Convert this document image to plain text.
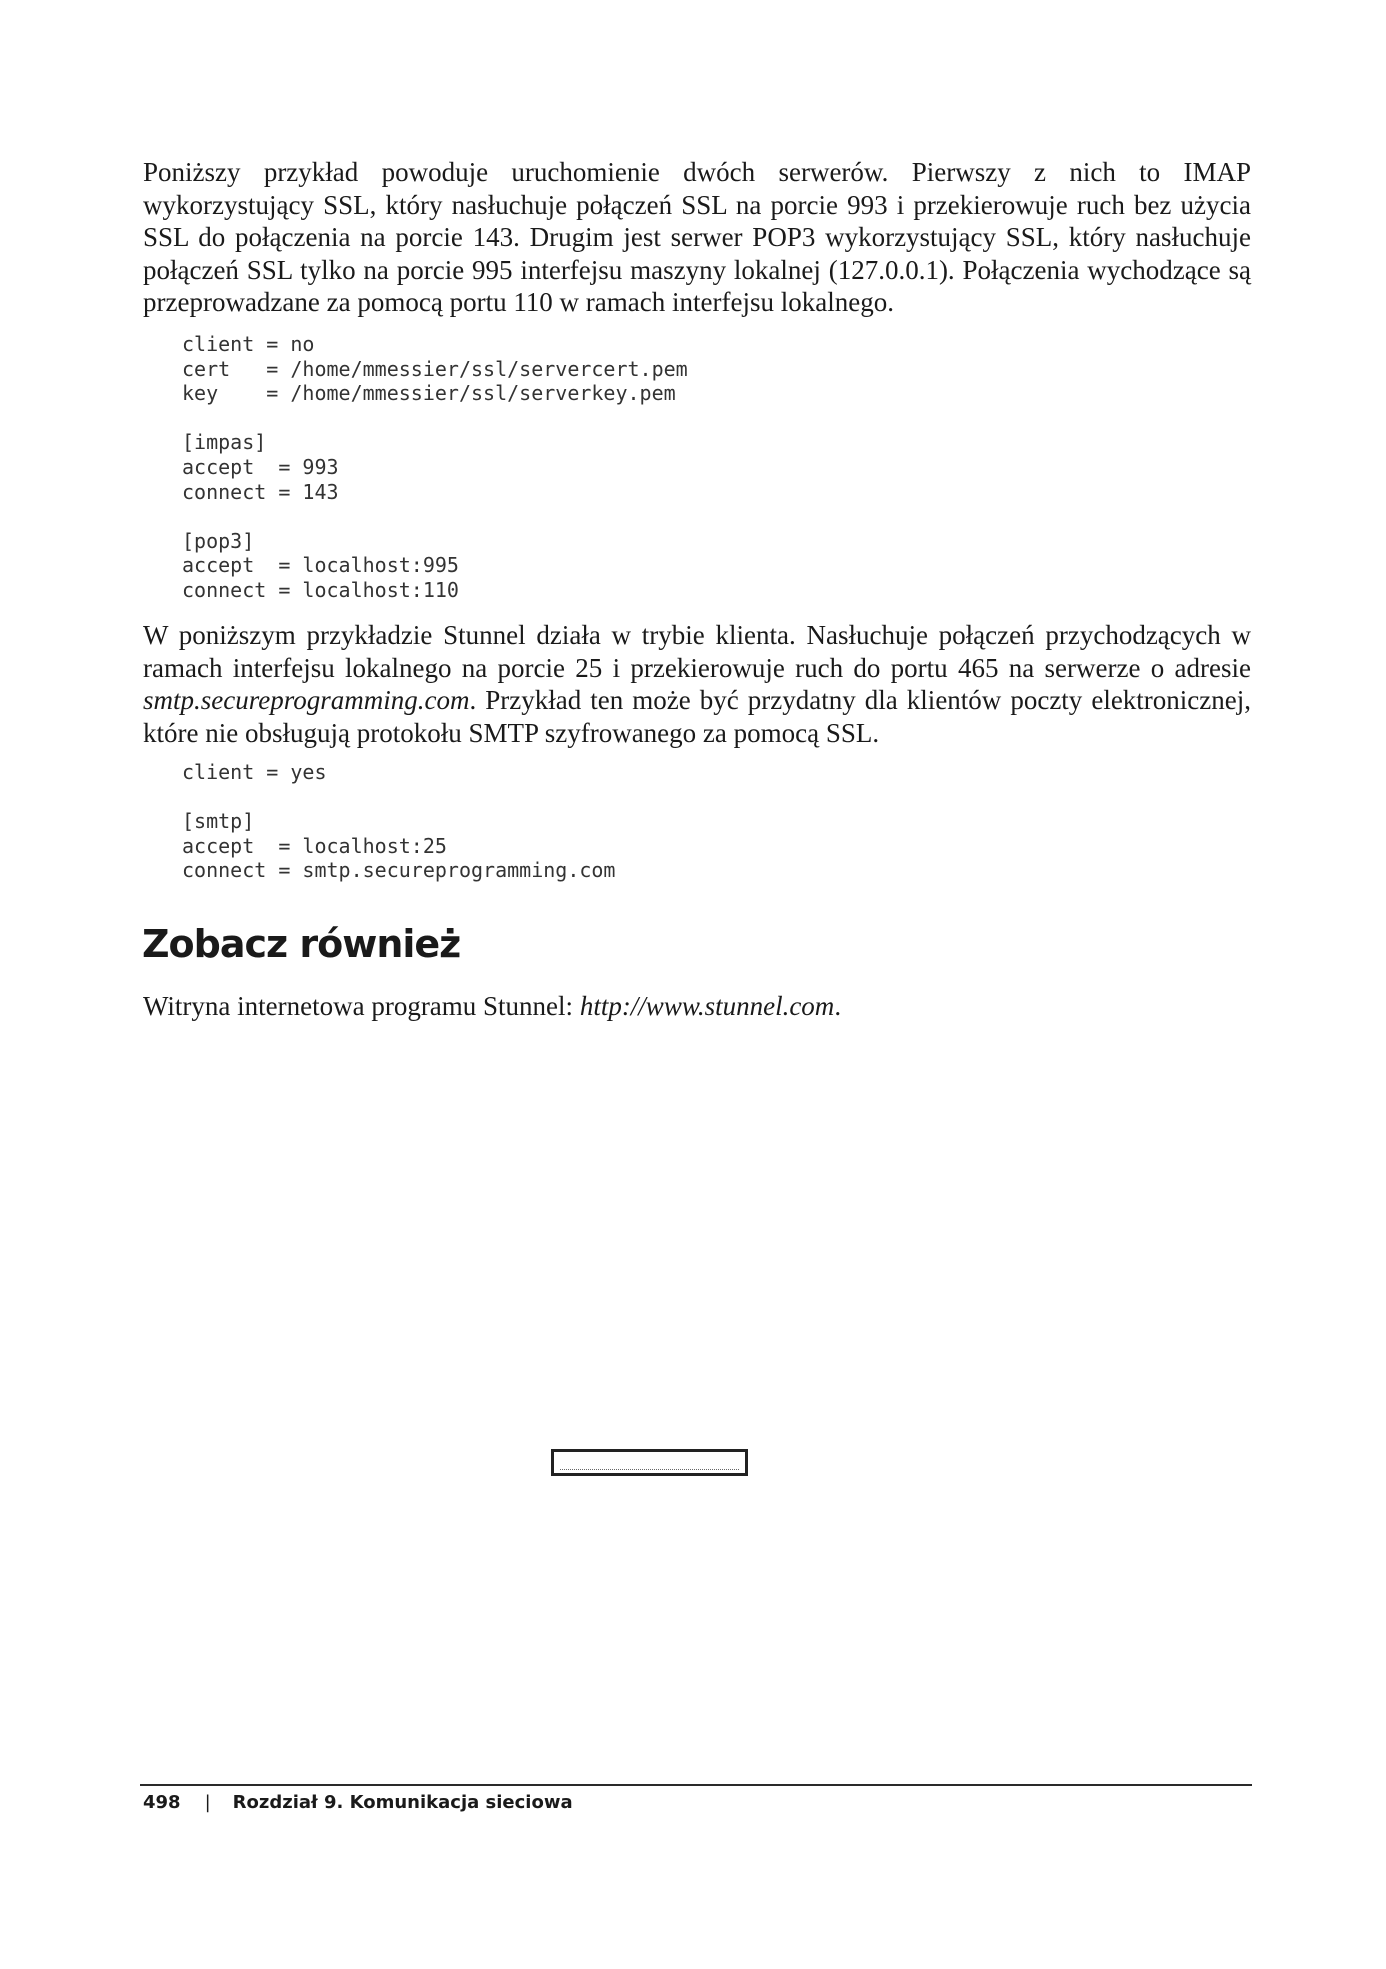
Poniższy przykład powoduje uruchomienie dwóch serwerów. Pierwszy z nich to IMAP wykorzystujący SSL, który nasłuchuje połączeń SSL na porcie 993 i przekierowuje ruch bez użycia SSL do połączenia na porcie 143. Drugim jest serwer POP3 wykorzystujący SSL, który nasłuchuje połączeń SSL tylko na porcie 995 interfejsu maszyny lokalnej (127.0.0.1). Połączenia wychodzące są przeprowadzane za pomocą portu 110 w ramach interfejsu lokalnego.

client = no
cert   = /home/mmessier/ssl/servercert.pem
key    = /home/mmessier/ssl/serverkey.pem

[impas]
accept  = 993
connect = 143

[pop3]
accept  = localhost:995
connect = localhost:110

W poniższym przykładzie Stunnel działa w trybie klienta. Nasłuchuje połączeń przychodzących w ramach interfejsu lokalnego na porcie 25 i przekierowuje ruch do portu 465 na serwerze o adresie smtp.secureprogramming.com. Przykład ten może być przydatny dla klientów poczty elektronicznej, które nie obsługują protokołu SMTP szyfrowanego za pomocą SSL.

client = yes

[smtp]
accept  = localhost:25
connect = smtp.secureprogramming.com
Zobacz również

Witryna internetowa programu Stunnel: http://www.stunnel.com.

498 | Rozdział 9. Komunikacja sieciowa
